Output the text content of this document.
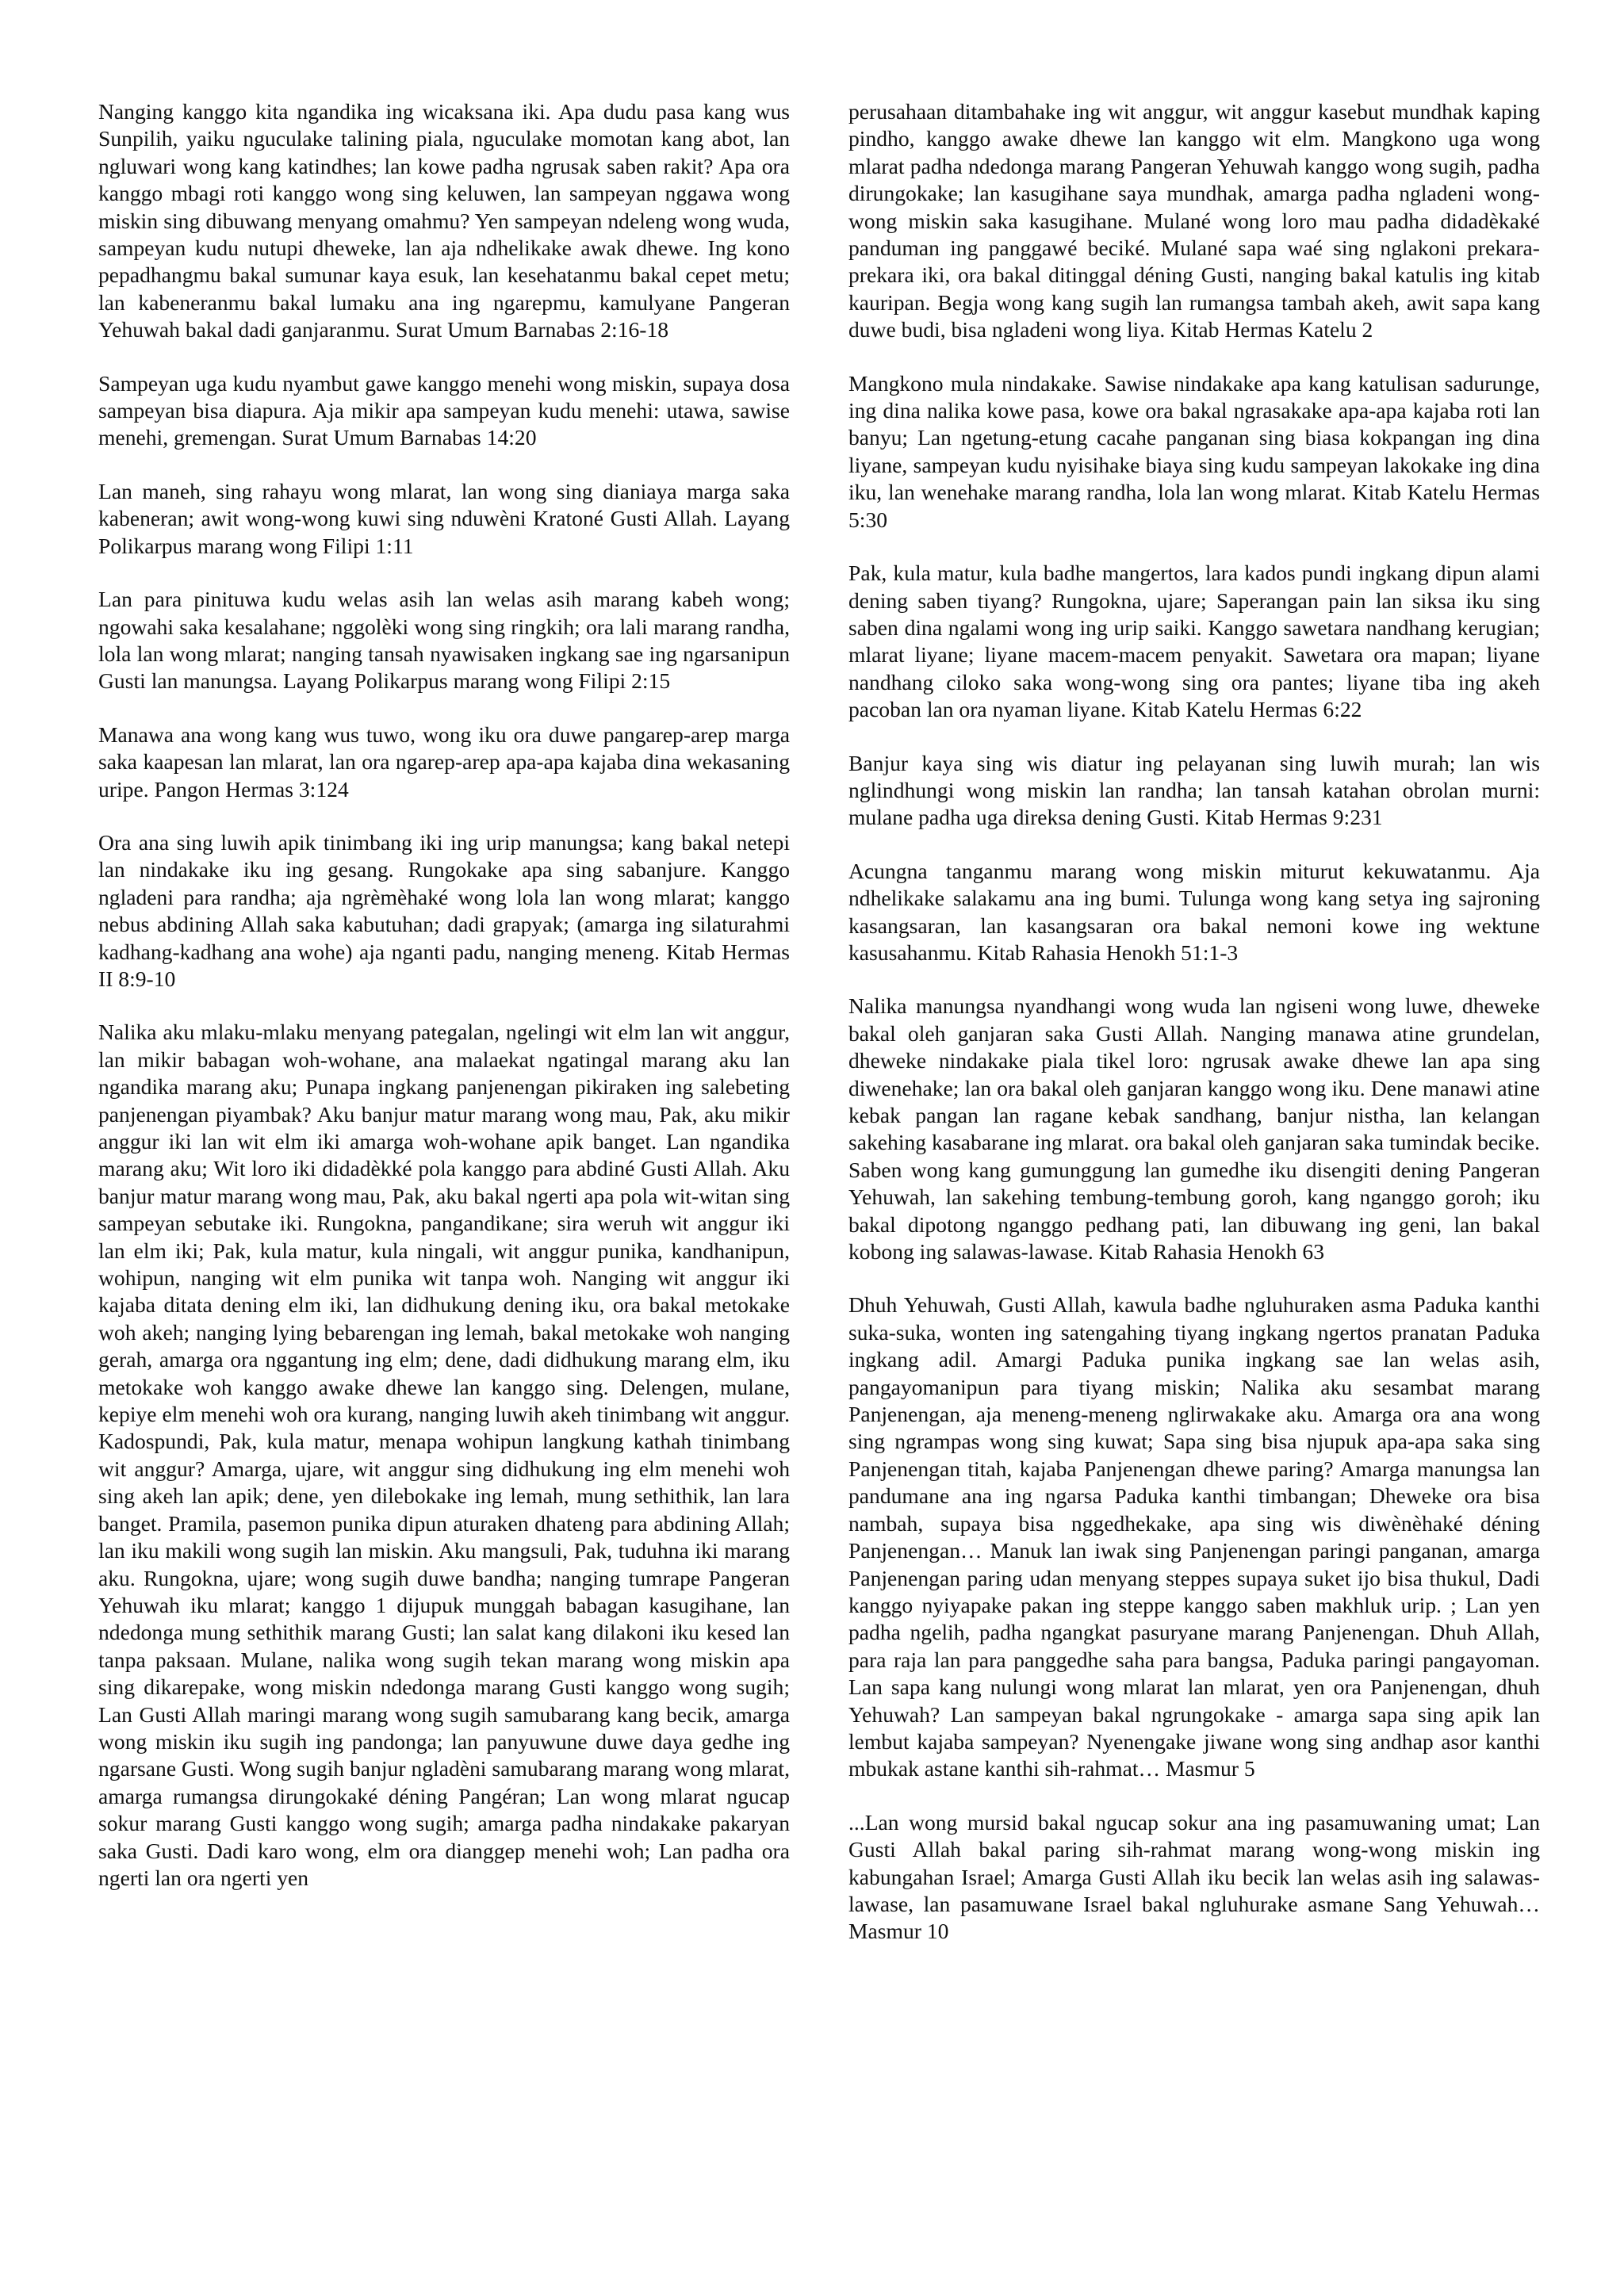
Nanging kanggo kita ngandika ing wicaksana iki. Apa dudu pasa kang wus Sunpilih, yaiku nguculake talining piala, nguculake momotan kang abot, lan ngluwari wong kang katindhes; lan kowe padha ngrusak saben rakit? Apa ora kanggo mbagi roti kanggo wong sing keluwen, lan sampeyan nggawa wong miskin sing dibuwang menyang omahmu? Yen sampeyan ndeleng wong wuda, sampeyan kudu nutupi dheweke, lan aja ndhelikake awak dhewe. Ing kono pepadhangmu bakal sumunar kaya esuk, lan kesehatanmu bakal cepet metu; lan kabeneranmu bakal lumaku ana ing ngarepmu, kamulyane Pangeran Yehuwah bakal dadi ganjaranmu. Surat Umum Barnabas 2:16-18

Sampeyan uga kudu nyambut gawe kanggo menehi wong miskin, supaya dosa sampeyan bisa diapura. Aja mikir apa sampeyan kudu menehi: utawa, sawise menehi, gremengan. Surat Umum Barnabas 14:20

Lan maneh, sing rahayu wong mlarat, lan wong sing dianiaya marga saka kabeneran; awit wong-wong kuwi sing nduwèni Kratoné Gusti Allah. Layang Polikarpus marang wong Filipi 1:11

Lan para pinituwa kudu welas asih lan welas asih marang kabeh wong; ngowahi saka kesalahane; nggolèki wong sing ringkih; ora lali marang randha, lola lan wong mlarat; nanging tansah nyawisaken ingkang sae ing ngarsanipun Gusti lan manungsa. Layang Polikarpus marang wong Filipi 2:15

Manawa ana wong kang wus tuwo, wong iku ora duwe pangarep-arep marga saka kaapesan lan mlarat, lan ora ngarep-arep apa-apa kajaba dina wekasaning uripe. Pangon Hermas 3:124

Ora ana sing luwih apik tinimbang iki ing urip manungsa; kang bakal netepi lan nindakake iku ing gesang. Rungokake apa sing sabanjure. Kanggo ngladeni para randha; aja ngrèmèhaké wong lola lan wong mlarat; kanggo nebus abdining Allah saka kabutuhan; dadi grapyak; (amarga ing silaturahmi kadhang-kadhang ana wohe) aja nganti padu, nanging meneng. Kitab Hermas II 8:9-10

Nalika aku mlaku-mlaku menyang pategalan, ngelingi wit elm lan wit anggur, lan mikir babagan woh-wohane, ana malaekat ngatingal marang aku lan ngandika marang aku; Punapa ingkang panjenengan pikiraken ing salebeting panjenengan piyambak? Aku banjur matur marang wong mau, Pak, aku mikir anggur iki lan wit elm iki amarga woh-wohane apik banget. Lan ngandika marang aku; Wit loro iki didadèkké pola kanggo para abdiné Gusti Allah. Aku banjur matur marang wong mau, Pak, aku bakal ngerti apa pola wit-witan sing sampeyan sebutake iki. Rungokna, pangandikane; sira weruh wit anggur iki lan elm iki; Pak, kula matur, kula ningali, wit anggur punika, kandhanipun, wohipun, nanging wit elm punika wit tanpa woh. Nanging wit anggur iki kajaba ditata dening elm iki, lan didhukung dening iku, ora bakal metokake woh akeh; nanging lying bebarengan ing lemah, bakal metokake woh nanging gerah, amarga ora nggantung ing elm; dene, dadi didhukung marang elm, iku metokake woh kanggo awake dhewe lan kanggo sing. Delengen, mulane, kepiye elm menehi woh ora kurang, nanging luwih akeh tinimbang wit anggur. Kadospundi, Pak, kula matur, menapa wohipun langkung kathah tinimbang wit anggur? Amarga, ujare, wit anggur sing didhukung ing elm menehi woh sing akeh lan apik; dene, yen dilebokake ing lemah, mung sethithik, lan lara banget. Pramila, pasemon punika dipun aturaken dhateng para abdining Allah; lan iku makili wong sugih lan miskin. Aku mangsuli, Pak, tuduhna iki marang aku. Rungokna, ujare; wong sugih duwe bandha; nanging tumrape Pangeran Yehuwah iku mlarat; kanggo 1 dijupuk munggah babagan kasugihane, lan ndedonga mung sethithik marang Gusti; lan salat kang dilakoni iku kesed lan tanpa paksaan. Mulane, nalika wong sugih tekan marang wong miskin apa sing dikarepake, wong miskin ndedonga marang Gusti kanggo wong sugih; Lan Gusti Allah maringi marang wong sugih samubarang kang becik, amarga wong miskin iku sugih ing pandonga; lan panyuwune duwe daya gedhe ing ngarsane Gusti. Wong sugih banjur ngladèni samubarang marang wong mlarat, amarga rumangsa dirungokaké déning Pangéran; Lan wong mlarat ngucap sokur marang Gusti kanggo wong sugih; amarga padha nindakake pakaryan saka Gusti. Dadi karo wong, elm ora dianggep menehi woh; Lan padha ora ngerti lan ora ngerti yen

perusahaan ditambahake ing wit anggur, wit anggur kasebut mundhak kaping pindho, kanggo awake dhewe lan kanggo wit elm. Mangkono uga wong mlarat padha ndedonga marang Pangeran Yehuwah kanggo wong sugih, padha dirungokake; lan kasugihane saya mundhak, amarga padha ngladeni wong-wong miskin saka kasugihane. Mulané wong loro mau padha didadèkaké panduman ing panggawé beciké. Mulané sapa waé sing nglakoni prekara-prekara iki, ora bakal ditinggal déning Gusti, nanging bakal katulis ing kitab kauripan. Begja wong kang sugih lan rumangsa tambah akeh, awit sapa kang duwe budi, bisa ngladeni wong liya. Kitab Hermas Katelu 2

Mangkono mula nindakake. Sawise nindakake apa kang katulisan sadurunge, ing dina nalika kowe pasa, kowe ora bakal ngrasakake apa-apa kajaba roti lan banyu; Lan ngetung-etung cacahe panganan sing biasa kokpangan ing dina liyane, sampeyan kudu nyisihake biaya sing kudu sampeyan lakokake ing dina iku, lan wenehake marang randha, lola lan wong mlarat. Kitab Katelu Hermas 5:30

Pak, kula matur, kula badhe mangertos, lara kados pundi ingkang dipun alami dening saben tiyang? Rungokna, ujare; Saperangan pain lan siksa iku sing saben dina ngalami wong ing urip saiki. Kanggo sawetara nandhang kerugian; mlarat liyane; liyane macem-macem penyakit. Sawetara ora mapan; liyane nandhang ciloko saka wong-wong sing ora pantes; liyane tiba ing akeh pacoban lan ora nyaman liyane. Kitab Katelu Hermas 6:22

Banjur kaya sing wis diatur ing pelayanan sing luwih murah; lan wis nglindhungi wong miskin lan randha; lan tansah katahan obrolan murni: mulane padha uga direksa dening Gusti. Kitab Hermas 9:231

Acungna tanganmu marang wong miskin miturut kekuwatanmu. Aja ndhelikake salakamu ana ing bumi. Tulunga wong kang setya ing sajroning kasangsaran, lan kasangsaran ora bakal nemoni kowe ing wektune kasusahanmu. Kitab Rahasia Henokh 51:1-3

Nalika manungsa nyandhangi wong wuda lan ngiseni wong luwe, dheweke bakal oleh ganjaran saka Gusti Allah. Nanging manawa atine grundelan, dheweke nindakake piala tikel loro: ngrusak awake dhewe lan apa sing diwenehake; lan ora bakal oleh ganjaran kanggo wong iku. Dene manawi atine kebak pangan lan ragane kebak sandhang, banjur nistha, lan kelangan sakehing kasabarane ing mlarat. ora bakal oleh ganjaran saka tumindak becike. Saben wong kang gumunggung lan gumedhe iku disengiti dening Pangeran Yehuwah, lan sakehing tembung-tembung goroh, kang nganggo goroh; iku bakal dipotong nganggo pedhang pati, lan dibuwang ing geni, lan bakal kobong ing salawas-lawase. Kitab Rahasia Henokh 63

Dhuh Yehuwah, Gusti Allah, kawula badhe ngluhuraken asma Paduka kanthi suka-suka, wonten ing satengahing tiyang ingkang ngertos pranatan Paduka ingkang adil. Amargi Paduka punika ingkang sae lan welas asih, pangayomanipun para tiyang miskin; Nalika aku sesambat marang Panjenengan, aja meneng-meneng nglirwakake aku. Amarga ora ana wong sing ngrampas wong sing kuwat; Sapa sing bisa njupuk apa-apa saka sing Panjenengan titah, kajaba Panjenengan dhewe paring? Amarga manungsa lan pandumane ana ing ngarsa Paduka kanthi timbangan; Dheweke ora bisa nambah, supaya bisa nggedhekake, apa sing wis diwènèhaké déning Panjenengan… Manuk lan iwak sing Panjenengan paringi panganan, amarga Panjenengan paring udan menyang steppes supaya suket ijo bisa thukul, Dadi kanggo nyiyapake pakan ing steppe kanggo saben makhluk urip. ; Lan yen padha ngelih, padha ngangkat pasuryane marang Panjenengan. Dhuh Allah, para raja lan para panggedhe saha para bangsa, Paduka paringi pangayoman. Lan sapa kang nulungi wong mlarat lan mlarat, yen ora Panjenengan, dhuh Yehuwah? Lan sampeyan bakal ngrungokake - amarga sapa sing apik lan lembut kajaba sampeyan? Nyenengake jiwane wong sing andhap asor kanthi mbukak astane kanthi sih-rahmat… Masmur 5

...Lan wong mursid bakal ngucap sokur ana ing pasamuwaning umat; Lan Gusti Allah bakal paring sih-rahmat marang wong-wong miskin ing kabungahan Israel; Amarga Gusti Allah iku becik lan welas asih ing salawas-lawase, lan pasamuwane Israel bakal ngluhurake asmane Sang Yehuwah… Masmur 10
